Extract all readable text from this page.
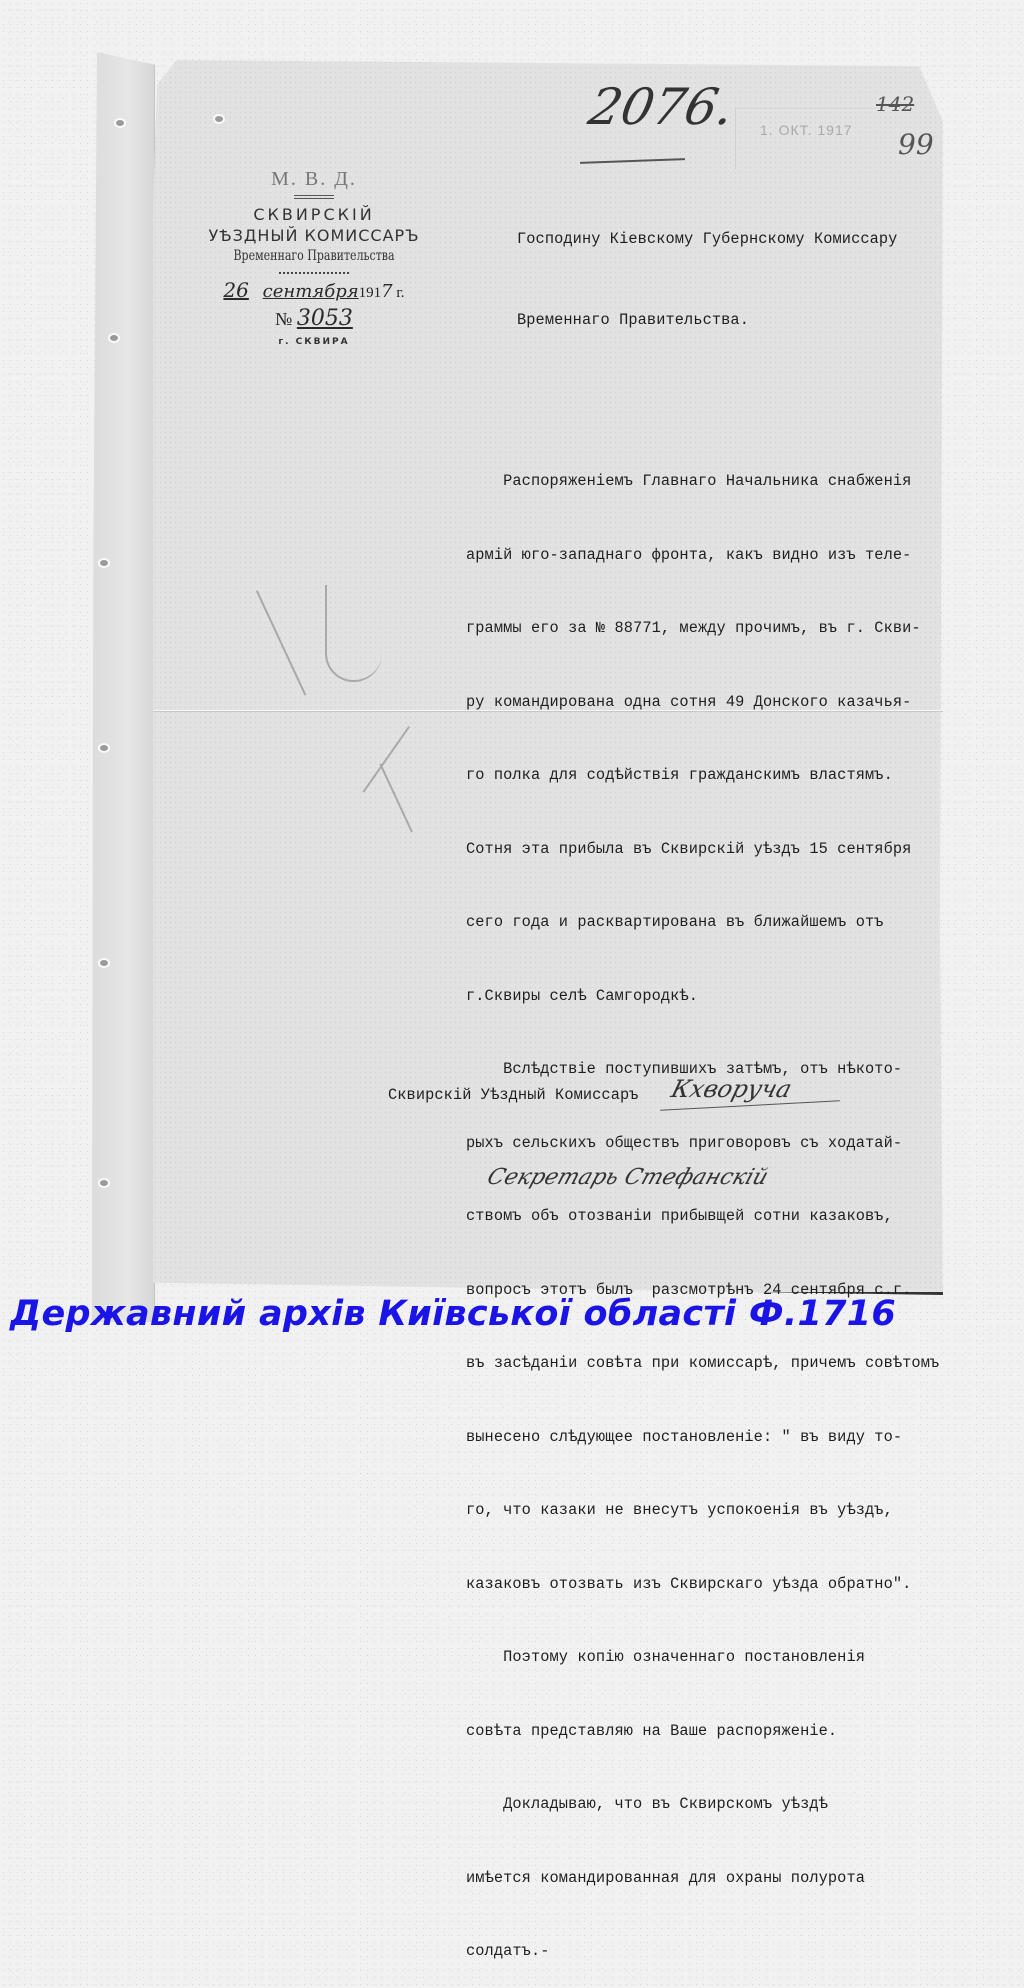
М. В. Д.
СКВИРСКІЙ
УѢЗДНЫЙ КОМИССАРЪ
Временнаго Правительства
26 сентября1917 г.
№ 3053
г. СКВИРА
2076. 1. OКТ. 1917
142
99

Господину Кіевскому Губернскому Комиссару

Временнаго Правительства.

Распоряженіемъ Главнаго Начальника снабженія

армій юго-западнаго фронта, какъ видно изъ теле-

граммы его за № 88771, между прочимъ, въ г. Скви-

ру командирована одна сотня 49 Донского казачья-

го полка для содѣйствія гражданскимъ властямъ.

Сотня эта прибыла въ Сквирскій уѣздъ 15 сентября

сего года и расквартирована въ ближайшемъ отъ

г.Сквиры селѣ Самгородкѣ.

Вслѣдствіе поступившихъ затѣмъ, отъ нѣкото-

рыхъ сельскихъ обществъ приговоровъ съ ходатай-

ствомъ объ отозваніи прибывщей сотни казаковъ,

вопросъ этотъ былъ  разсмотрѣнъ 24 сентября с.г.

въ засѣданіи совѣта при комиссарѣ, причемъ совѣтомъ

вынесено слѣдующее постановленіе: " въ виду то-

го, что казаки не внесутъ успокоенія въ уѣздъ,

казаковъ отозвать изъ Сквирскаго уѣзда обратно".

Поэтому копію означеннаго постановленія

совѣта представляю на Ваше распоряженіе.

Докладываю, что въ Сквирскомъ уѣздѣ

имѣется командированная для охраны полурота

солдатъ.-

Сквирскій Уѣздный Комиссаръ Кхвоpуча
Секретарь Стефанскій
Державний архів Київської області Ф.1716
